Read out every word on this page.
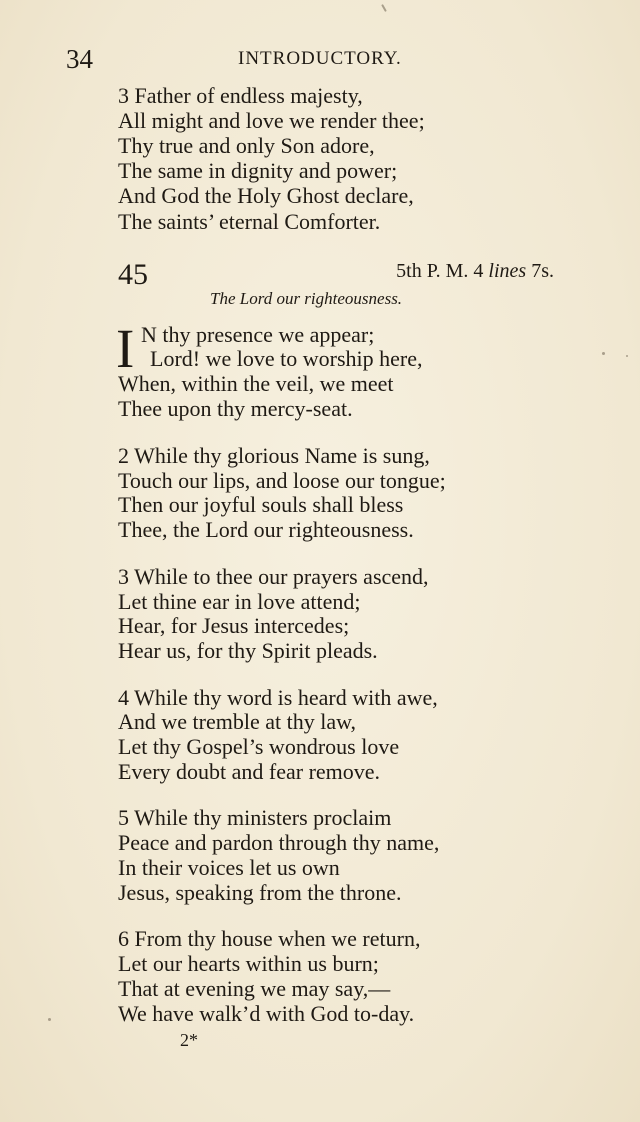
34	INTRODUCTORY.
3 Father of endless majesty,
All might and love we render thee;
Thy true and only Son adore,
The same in dignity and power;
And God the Holy Ghost declare,
The saints’ eternal Comforter.
45	5th P. M. 4 lines 7s.
The Lord our righteousness.
I N thy presence we appear;
Lord! we love to worship here,
When, within the veil, we meet
Thee upon thy mercy-seat.
2 While thy glorious Name is sung,
Touch our lips, and loose our tongue;
Then our joyful souls shall bless
Thee, the Lord our righteousness.
3 While to thee our prayers ascend,
Let thine ear in love attend;
Hear, for Jesus intercedes;
Hear us, for thy Spirit pleads.
4 While thy word is heard with awe,
And we tremble at thy law,
Let thy Gospel’s wondrous love
Every doubt and fear remove.
5 While thy ministers proclaim
Peace and pardon through thy name,
In their voices let us own
Jesus, speaking from the throne.
6 From thy house when we return,
Let our hearts within us burn;
That at evening we may say,—
We have walk’d with God to-day.
2*
